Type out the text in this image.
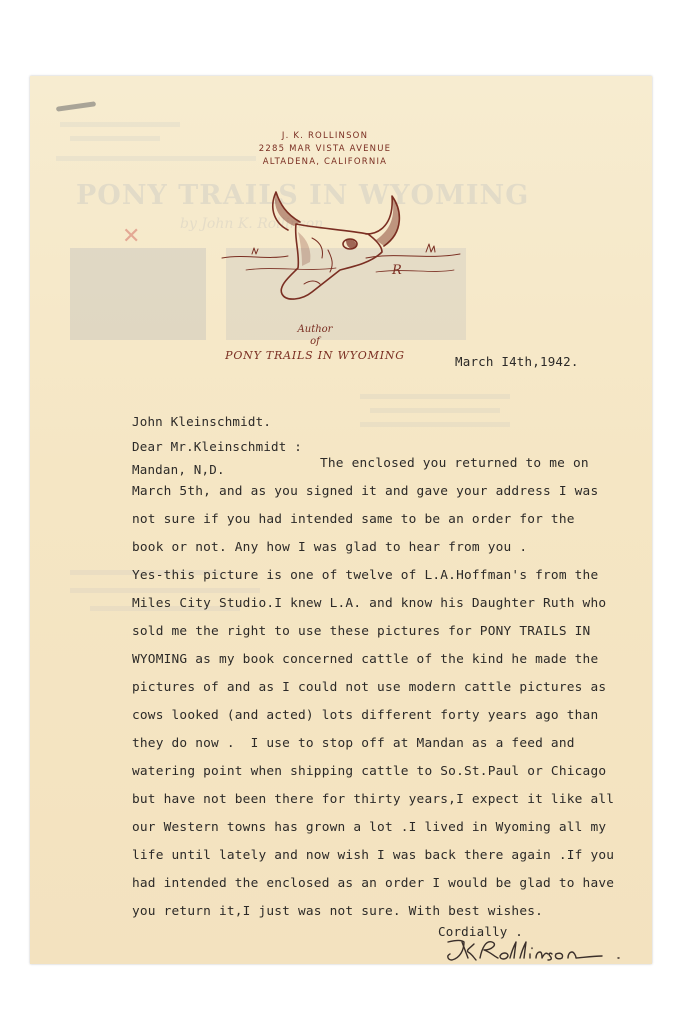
PONY TRAILS IN WYOMING
by John K. Rollinson
✕
J. K. ROLLINSON
2285 MAR VISTA AVENUE
ALTADENA, CALIFORNIA
R
Author
of
PONY TRAILS IN WYOMING	March I4th,1942.

John Kleinschmidt.

Mandan, N,D.

Dear Mr.Kleinschmidt :
The enclosed you returned to me on
March 5th, and as you signed it and gave your address I was
not sure if you had intended same to be an order for the
book or not. Any how I was glad to hear from you .
Yes-this picture is one of twelve of L.A.Hoffman's from the
Miles City Studio.I knew L.A. and know his Daughter Ruth who
sold me the right to use these pictures for PONY TRAILS IN
WYOMING as my book concerned cattle of the kind he made the
pictures of and as I could not use modern cattle pictures as
cows looked (and acted) lots different forty years ago than
they do now .  I use to stop off at Mandan as a feed and
watering point when shipping cattle to So.St.Paul or Chicago
but have not been there for thirty years,I expect it like all
our Western towns has grown a lot .I lived in Wyoming all my
life until lately and now wish I was back there again .If you
had intended the enclosed as an order I would be glad to have
you return it,I just was not sure. With best wishes.
Cordially .
